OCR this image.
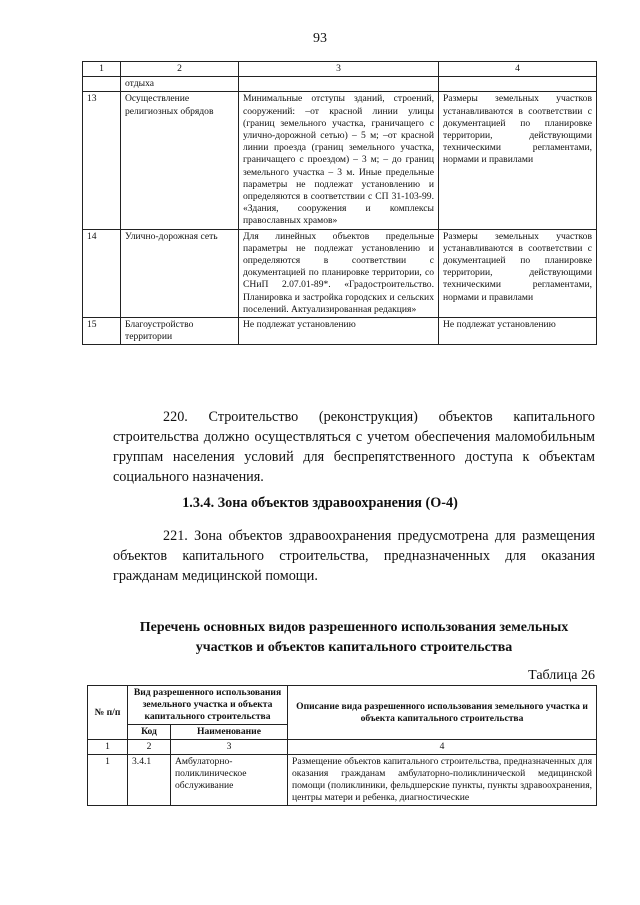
93
1	2	3	4
	отдыха		
13	Осуществление религиозных обрядов	Минимальные отступы зданий, строений, сооружений: –от красной линии улицы (границ земельного участка, граничащего с улично-дорожной сетью) – 5 м; –от красной линии проезда (границ земельного участка, граничащего с проездом) – 3 м; – до границ земельного участка – 3 м. Иные предельные параметры не подлежат установлению и определяются в соответствии с СП 31-103-99. «Здания, сооружения и комплексы православных храмов»	Размеры земельных участков устанавливаются в соответствии с документацией по планировке территории, действующими техническими регламентами, нормами и правилами
14	Улично-дорожная сеть	Для линейных объектов предельные параметры не подлежат установлению и определяются в соответствии с документацией по планировке территории, со СНиП 2.07.01-89*. «Градостроительство. Планировка и застройка городских и сельских поселений. Актуализированная редакция»	Размеры земельных участков устанавливаются в соответствии с документацией по планировке территории, действующими техническими регламентами, нормами и правилами
15	Благоустройство территории	Не подлежат установлению	Не подлежат установлению
220. Строительство (реконструкция) объектов капитального строительства должно осуществляться с учетом обеспечения маломобильным группам населения условий для беспрепятственного доступа к объектам социального назначения.
1.3.4. Зона объектов здравоохранения (О-4)
221. Зона объектов здравоохранения предусмотрена для размещения объектов капитального строительства, предназначенных для оказания гражданам медицинской помощи.
Перечень основных видов разрешенного использования земельных участков и объектов капитального строительства
Таблица 26
№ п/п	Вид разрешенного использования земельного участка и объекта капитального строительства		Описание вида разрешенного использования земельного участка и объекта капитального строительства
	Код	Наименование	
1	2	3	4
1	3.4.1	Амбулаторно-поликлиническое обслуживание	Размещение объектов капитального строительства, предназначенных для оказания гражданам амбулаторно-поликлинической медицинской помощи (поликлиники, фельдшерские пункты, пункты здравоохранения, центры матери и ребенка, диагностические
